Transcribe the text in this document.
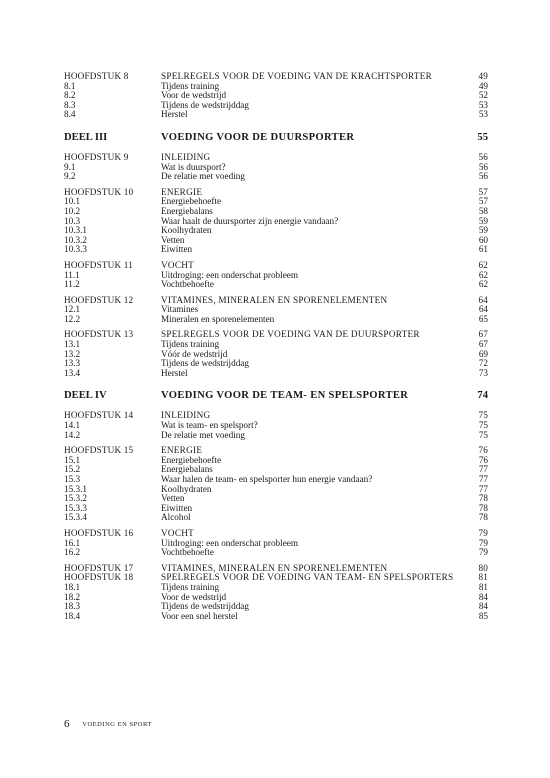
HOOFDSTUK 8	SPELREGELS VOOR DE VOEDING VAN DE KRACHTSPORTER	49
8.1	Tijdens training	49
8.2	Voor de wedstrijd	52
8.3	Tijdens de wedstrijddag	53
8.4	Herstel	53
DEEL III	VOEDING VOOR DE DUURSPORTER	55
HOOFDSTUK 9	INLEIDING	56
9.1	Wat is duursport?	56
9.2	De relatie met voeding	56
HOOFDSTUK 10	ENERGIE	57
10.1	Energiebehoefte	57
10.2	Energiebalans	58
10.3	Waar haalt de duursporter zijn energie vandaan?	59
10.3.1	Koolhydraten	59
10.3.2	Vetten	60
10.3.3	Eiwitten	61
HOOFDSTUK 11	VOCHT	62
11.1	Uitdroging: een onderschat probleem	62
11.2	Vochtbehoefte	62
HOOFDSTUK 12	VITAMINES, MINERALEN EN SPORENELEMENTEN	64
12.1	Vitamines	64
12.2	Mineralen en sporenelementen	65
HOOFDSTUK 13	SPELREGELS VOOR DE VOEDING VAN DE DUURSPORTER	67
13.1	Tijdens training	67
13.2	Vóór de wedstrijd	69
13.3	Tijdens de wedstrijddag	72
13.4	Herstel	73
DEEL IV	VOEDING VOOR DE TEAM- EN SPELSPORTER	74
HOOFDSTUK 14	INLEIDING	75
14.1	Wat is team- en spelsport?	75
14.2	De relatie met voeding	75
HOOFDSTUK 15	ENERGIE	76
15.1	Energiebehoefte	76
15.2	Energiebalans	77
15.3	Waar halen de team- en spelsporter hun energie vandaan?	77
15.3.1	Koolhydraten	77
15.3.2	Vetten	78
15.3.3	Eiwitten	78
15.3.4	Alcohol	78
HOOFDSTUK 16	VOCHT	79
16.1	Uitdroging: een onderschat probleem	79
16.2	Vochtbehoefte	79
HOOFDSTUK 17	VITAMINES, MINERALEN EN SPORENELEMENTEN	80
HOOFDSTUK 18	SPELREGELS VOOR DE VOEDING VAN TEAM- EN SPELSPORTERS	81
18.1	Tijdens training	81
18.2	Voor de wedstrijd	84
18.3	Tijdens de wedstrijddag	84
18.4	Voor een snel herstel	85
6 VOEDING EN SPORT
